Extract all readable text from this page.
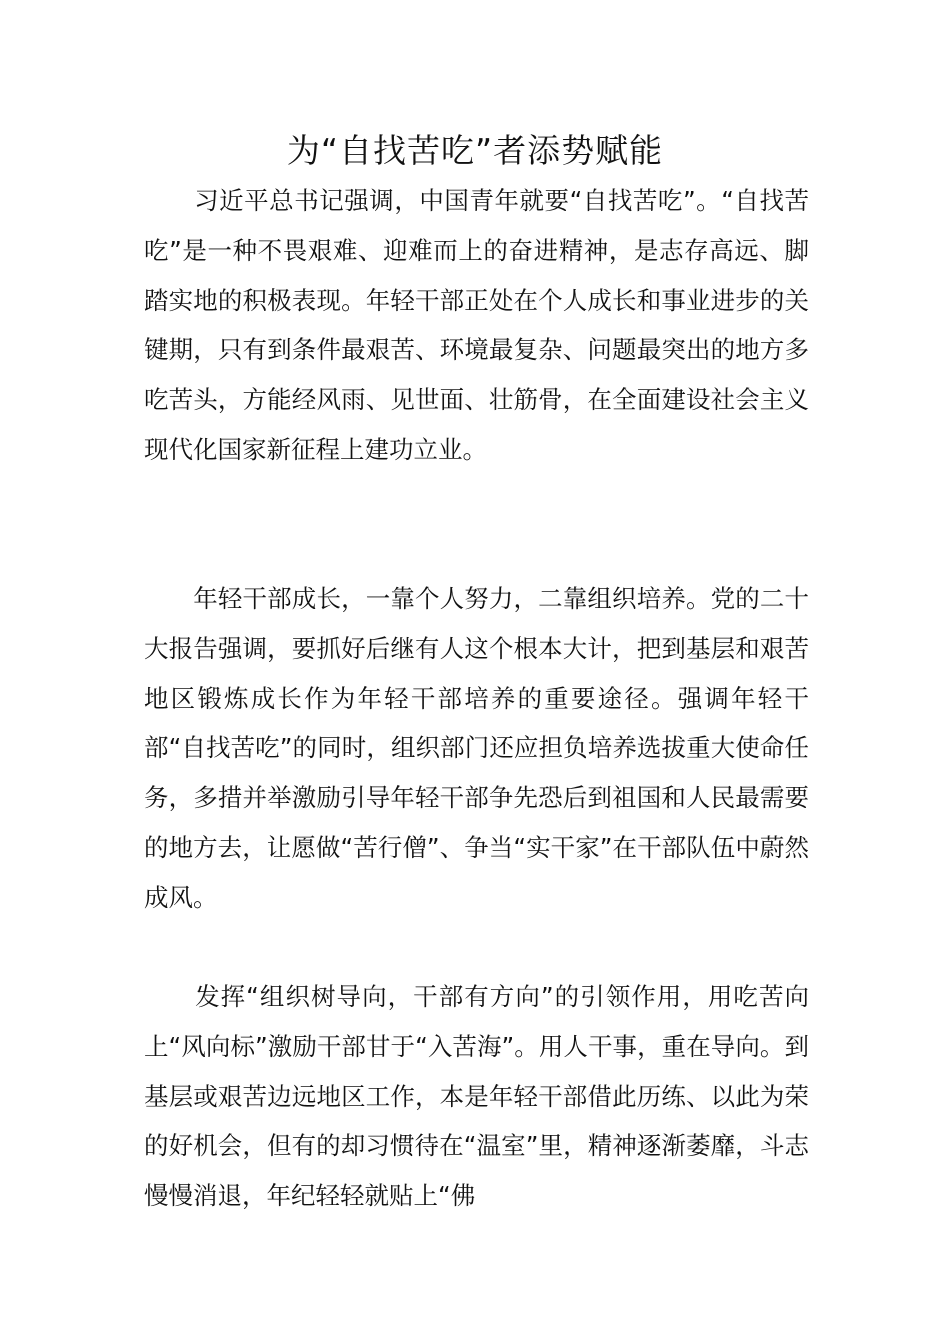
为“自找苦吃”者添势赋能

　　习近平总书记强调，中国青年就要“自找苦吃”。“自找苦吃”是一种不畏艰难、迎难而上的奋进精神，是志存高远、脚踏实地的积极表现。年轻干部正处在个人成长和事业进步的关键期，只有到条件最艰苦、环境最复杂、问题最突出的地方多吃苦头，方能经风雨、见世面、壮筋骨，在全面建设社会主义现代化国家新征程上建功立业。

　　年轻干部成长，一靠个人努力，二靠组织培养。党的二十大报告强调，要抓好后继有人这个根本大计，把到基层和艰苦地区锻炼成长作为年轻干部培养的重要途径。强调年轻干部“自找苦吃”的同时，组织部门还应担负培养选拔重大使命任务，多措并举激励引导年轻干部争先恐后到祖国和人民最需要的地方去，让愿做“苦行僧”、争当“实干家”在干部队伍中蔚然成风。

　　发挥“组织树导向，干部有方向”的引领作用，用吃苦向上“风向标”激励干部甘于“入苦海”。用人干事，重在导向。到基层或艰苦边远地区工作，本是年轻干部借此历练、以此为荣的好机会，但有的却习惯待在“温室”里，精神逐渐萎靡，斗志慢慢消退，年纪轻轻就贴上“佛
